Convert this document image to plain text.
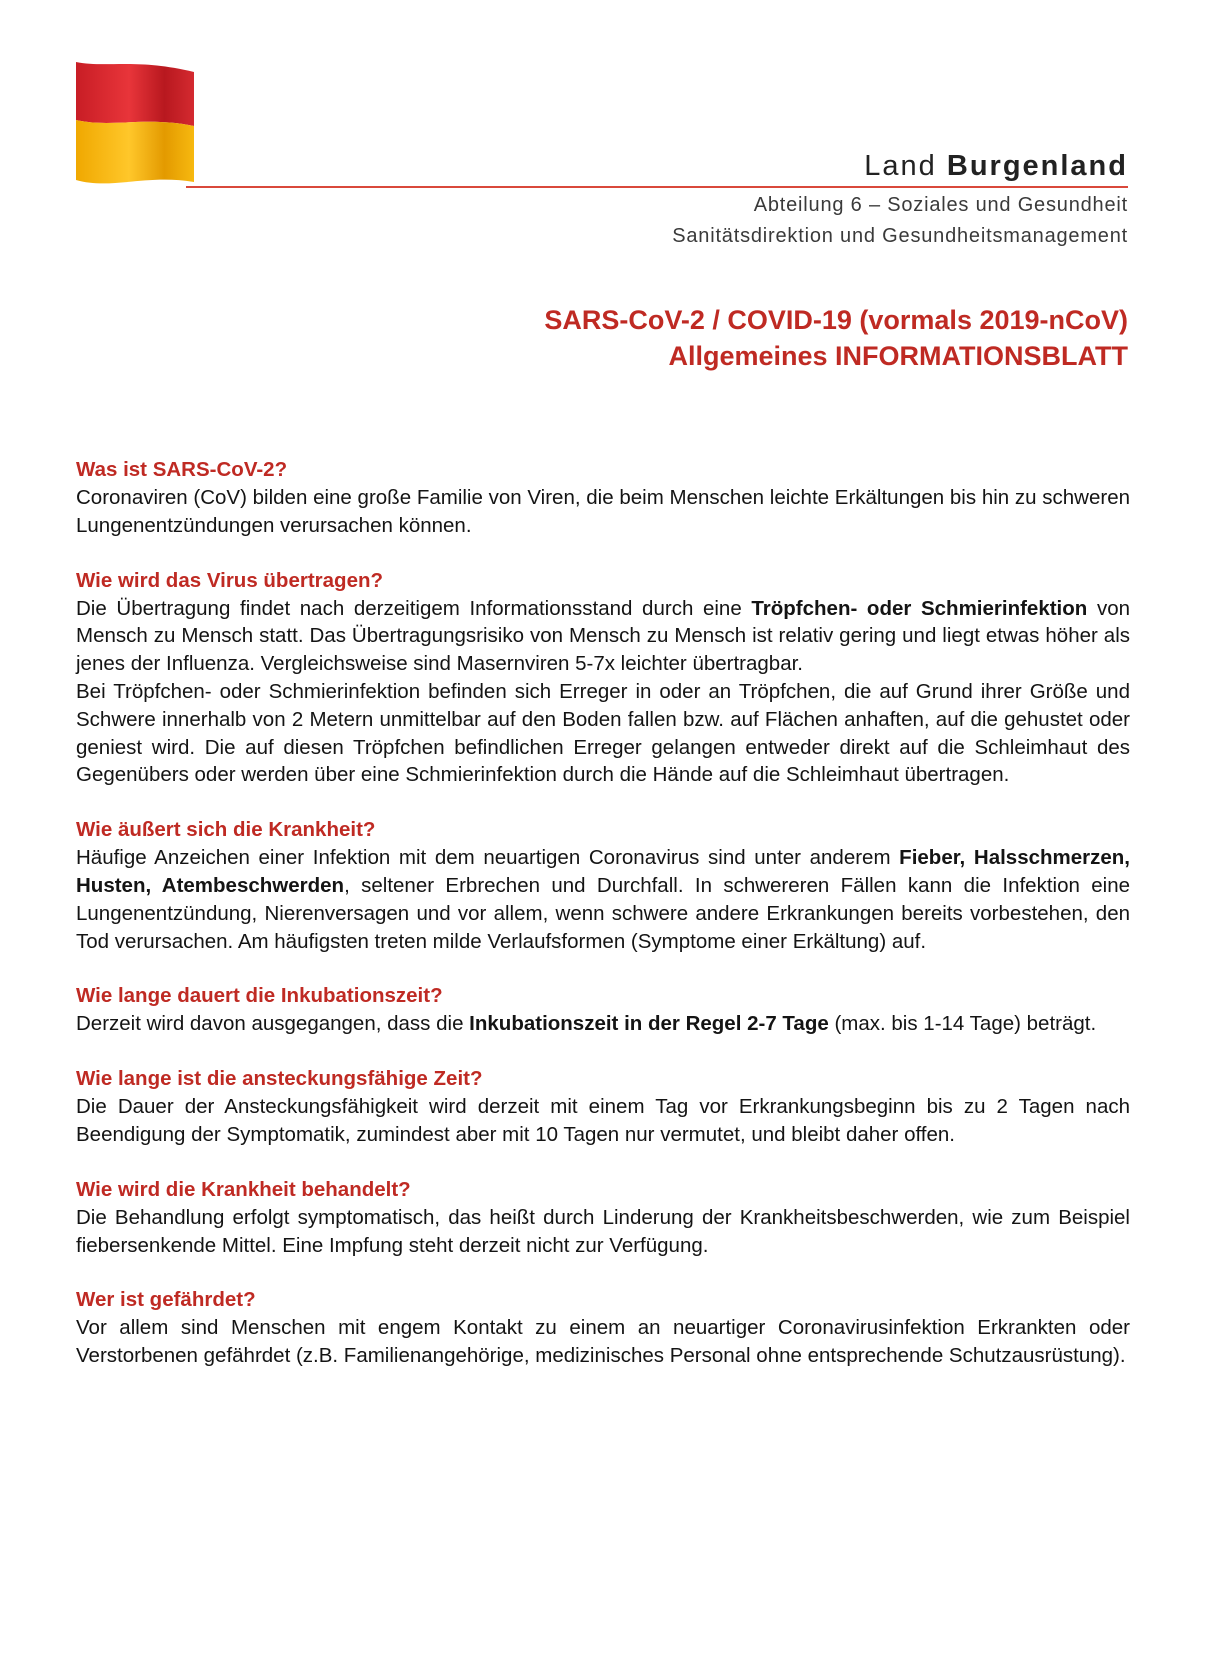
Land Burgenland
Abteilung 6 – Soziales und Gesundheit
Sanitätsdirektion und Gesundheitsmanagement
SARS-CoV-2 / COVID-19 (vormals 2019-nCoV)
Allgemeines INFORMATIONSBLATT
Was ist SARS-CoV-2?

Coronaviren (CoV) bilden eine große Familie von Viren, die beim Menschen leichte Erkältungen bis hin zu schweren Lungenentzündungen verursachen können.

Wie wird das Virus übertragen?

Die Übertragung findet nach derzeitigem Informationsstand durch eine Tröpfchen- oder Schmierinfektion von Mensch zu Mensch statt. Das Übertragungsrisiko von Mensch zu Mensch ist relativ gering und liegt etwas höher als jenes der Influenza. Vergleichsweise sind Masernviren 5-7x leichter übertragbar.

Bei Tröpfchen- oder Schmierinfektion befinden sich Erreger in oder an Tröpfchen, die auf Grund ihrer Größe und Schwere innerhalb von 2 Metern unmittelbar auf den Boden fallen bzw. auf Flächen anhaften, auf die gehustet oder geniest wird. Die auf diesen Tröpfchen befindlichen Erreger gelangen entweder direkt auf die Schleimhaut des Gegenübers oder werden über eine Schmierinfektion durch die Hände auf die Schleimhaut übertragen.

Wie äußert sich die Krankheit?

Häufige Anzeichen einer Infektion mit dem neuartigen Coronavirus sind unter anderem Fieber, Halsschmerzen, Husten, Atembeschwerden, seltener Erbrechen und Durchfall. In schwereren Fällen kann die Infektion eine Lungenentzündung, Nierenversagen und vor allem, wenn schwere andere Erkrankungen bereits vorbestehen, den Tod verursachen. Am häufigsten treten milde Verlaufsformen (Symptome einer Erkältung) auf.

Wie lange dauert die Inkubationszeit?

Derzeit wird davon ausgegangen, dass die Inkubationszeit in der Regel 2-7 Tage (max. bis 1-14 Tage) beträgt.

Wie lange ist die ansteckungsfähige Zeit?

Die Dauer der Ansteckungsfähigkeit wird derzeit mit einem Tag vor Erkrankungsbeginn bis zu 2 Tagen nach Beendigung der Symptomatik, zumindest aber mit 10 Tagen nur vermutet, und bleibt daher offen.

Wie wird die Krankheit behandelt?

Die Behandlung erfolgt symptomatisch, das heißt durch Linderung der Krankheitsbeschwerden, wie zum Beispiel fiebersenkende Mittel. Eine Impfung steht derzeit nicht zur Verfügung.

Wer ist gefährdet?

Vor allem sind Menschen mit engem Kontakt zu einem an neuartiger Coronavirusinfektion Erkrankten oder Verstorbenen gefährdet (z.B. Familienangehörige, medizinisches Personal ohne entsprechende Schutzausrüstung).
